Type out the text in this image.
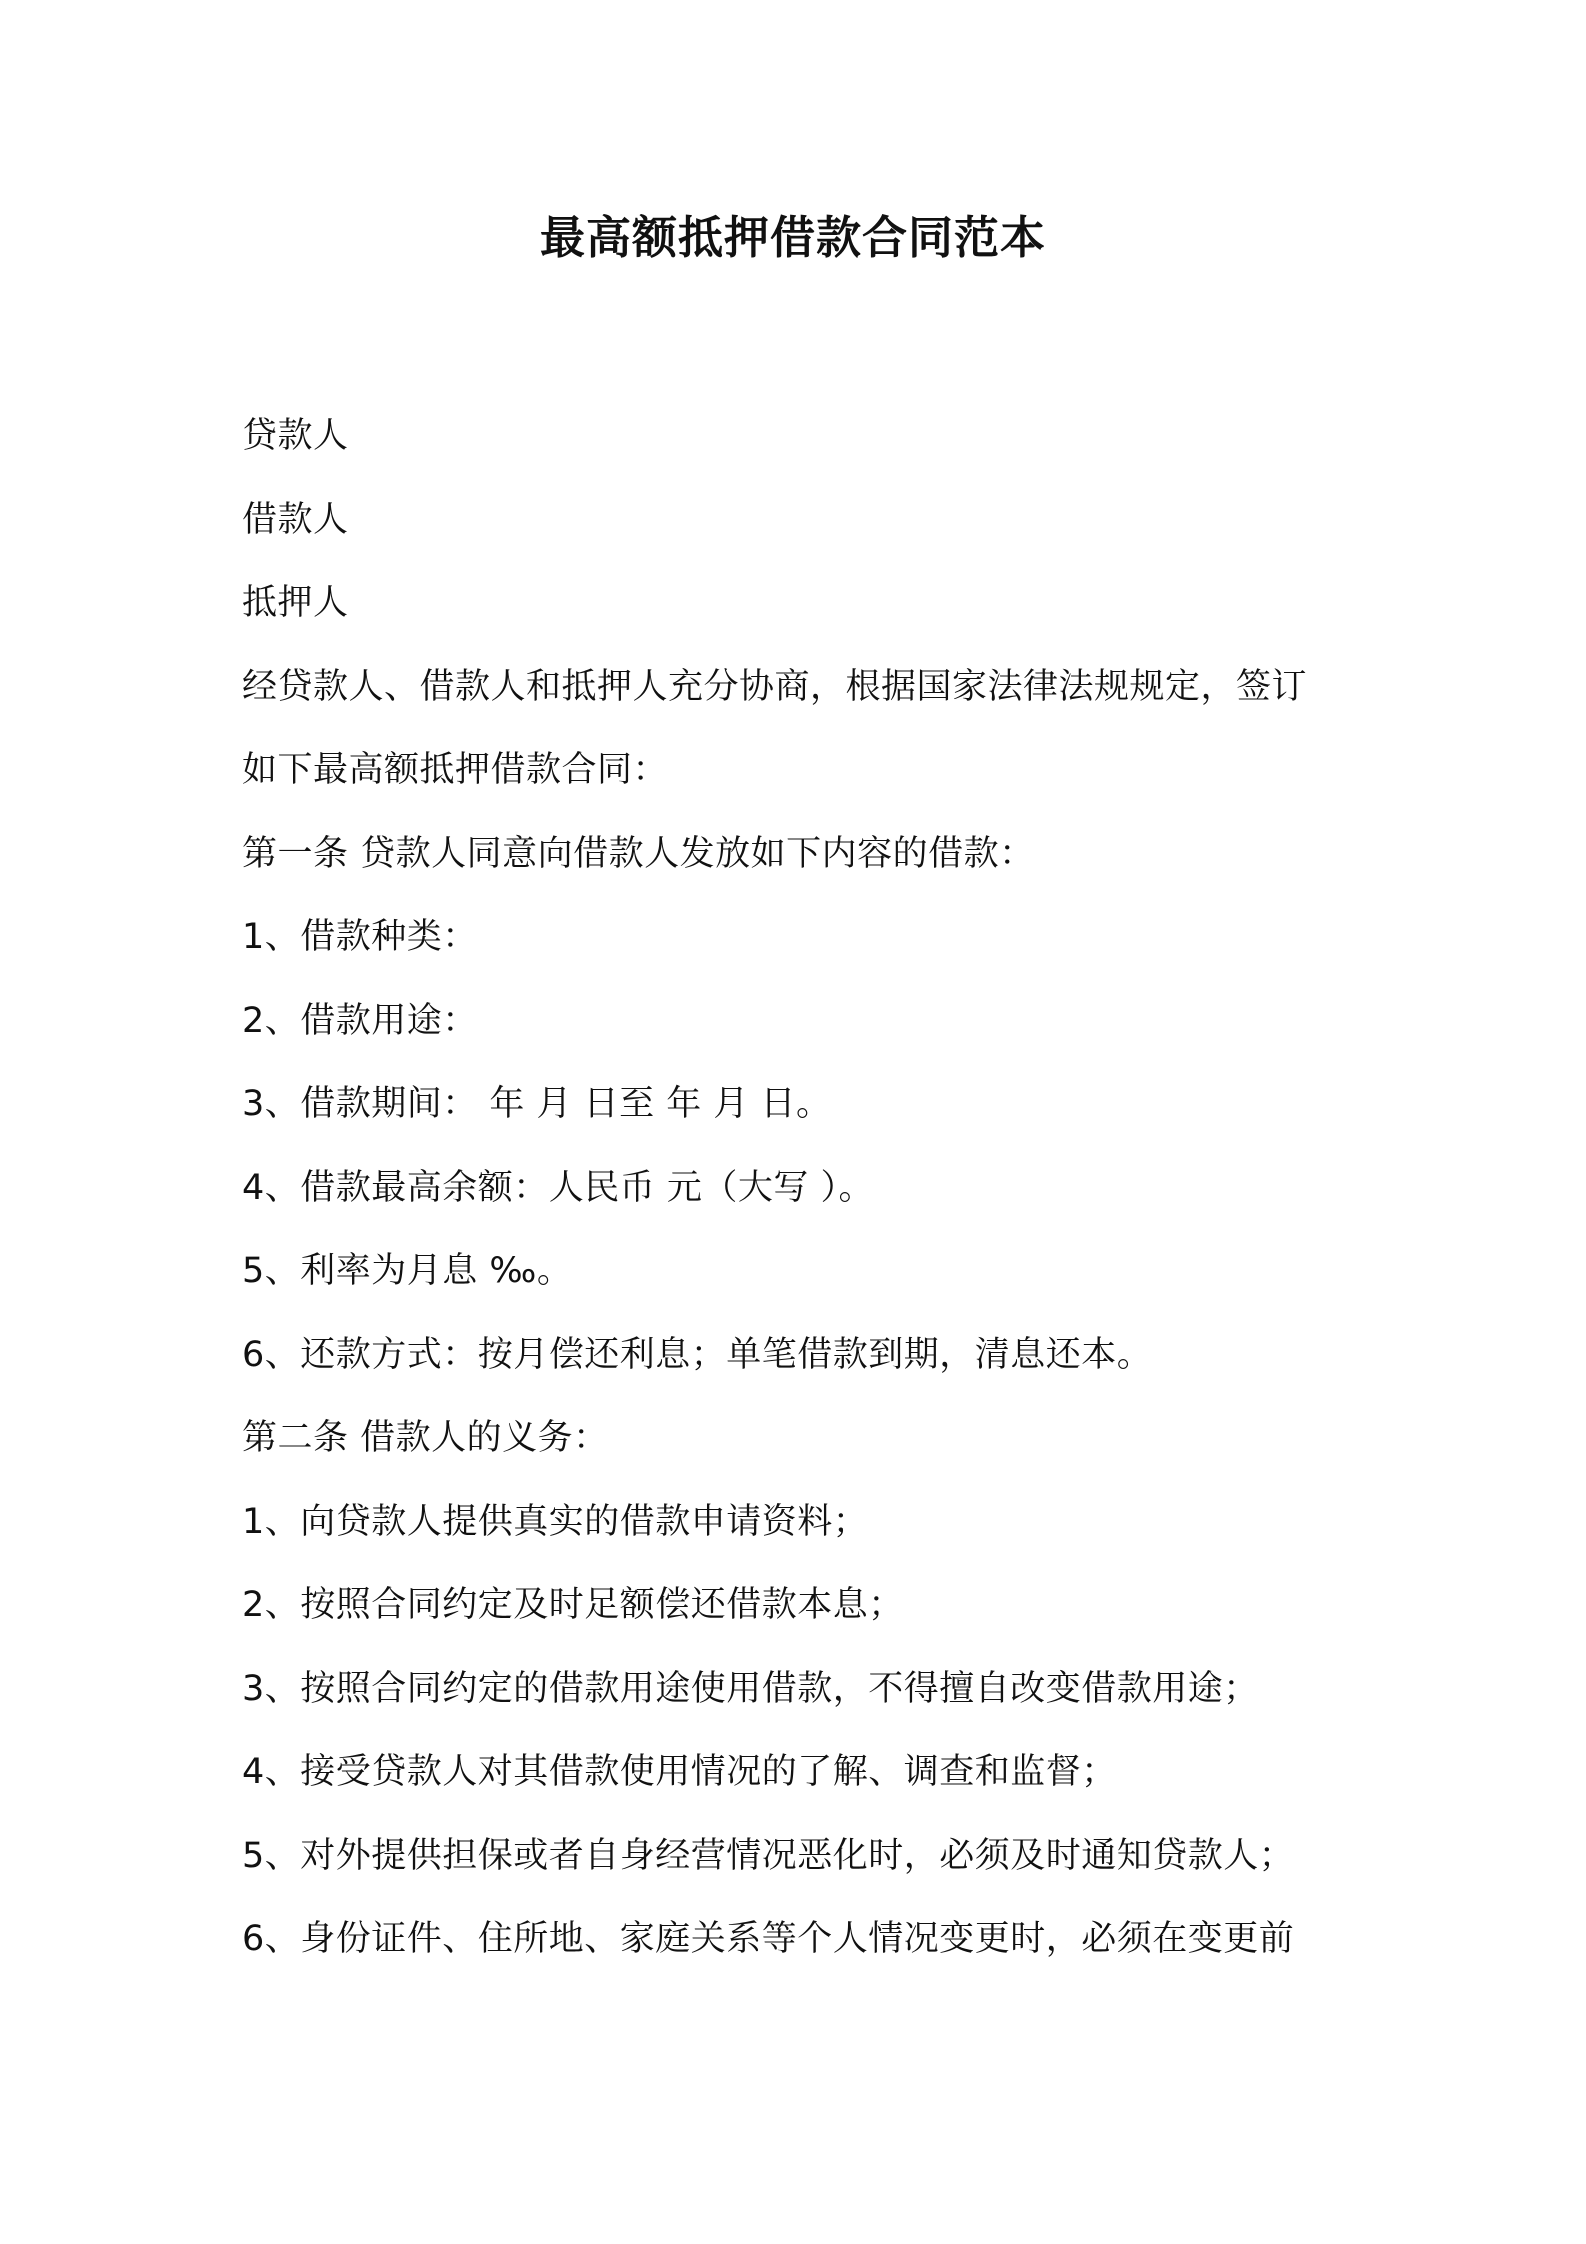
最高额抵押借款合同范本
贷款人
借款人
抵押人
经贷款人、借款人和抵押人充分协商，根据国家法律法规规定，签订
如下最高额抵押借款合同：
第一条 贷款人同意向借款人发放如下内容的借款：
1、借款种类：
2、借款用途：
3、借款期间： 年 月 日至 年 月 日。
4、借款最高余额：人民币 元（大写 ）。
5、利率为月息 ‰。
6、还款方式：按月偿还利息；单笔借款到期，清息还本。
第二条 借款人的义务：
1、向贷款人提供真实的借款申请资料；
2、按照合同约定及时足额偿还借款本息；
3、按照合同约定的借款用途使用借款，不得擅自改变借款用途；
4、接受贷款人对其借款使用情况的了解、调查和监督；
5、对外提供担保或者自身经营情况恶化时，必须及时通知贷款人；
6、身份证件、住所地、家庭关系等个人情况变更时，必须在变更前
